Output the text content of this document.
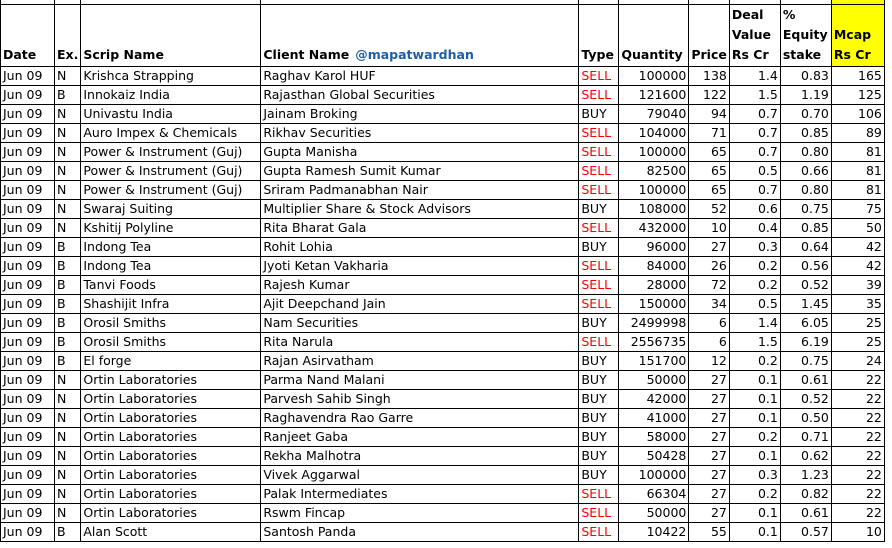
Date	Ex.	Scrip Name	Client Name @mapatwardhan	Type	Quantity	Price	Deal Value Rs Cr	% Equity stake	Mcap Rs Cr
Jun 09	N	Krishca Strapping	Raghav Karol HUF	SELL	100000	138	1.4	0.83	165
Jun 09	B	Innokaiz India	Rajasthan Global Securities	SELL	121600	122	1.5	1.19	125
Jun 09	N	Univastu India	Jainam Broking	BUY	79040	94	0.7	0.70	106
Jun 09	N	Auro Impex & Chemicals	Rikhav Securities	SELL	104000	71	0.7	0.85	89
Jun 09	N	Power & Instrument (Guj)	Gupta Manisha	SELL	100000	65	0.7	0.80	81
Jun 09	N	Power & Instrument (Guj)	Gupta Ramesh Sumit Kumar	SELL	82500	65	0.5	0.66	81
Jun 09	N	Power & Instrument (Guj)	Sriram Padmanabhan Nair	SELL	100000	65	0.7	0.80	81
Jun 09	N	Swaraj Suiting	Multiplier Share & Stock Advisors	BUY	108000	52	0.6	0.75	75
Jun 09	N	Kshitij Polyline	Rita Bharat Gala	SELL	432000	10	0.4	0.85	50
Jun 09	B	Indong Tea	Rohit Lohia	BUY	96000	27	0.3	0.64	42
Jun 09	B	Indong Tea	Jyoti Ketan Vakharia	SELL	84000	26	0.2	0.56	42
Jun 09	B	Tanvi Foods	Rajesh Kumar	SELL	28000	72	0.2	0.52	39
Jun 09	B	Shashijit Infra	Ajit Deepchand Jain	SELL	150000	34	0.5	1.45	35
Jun 09	B	Orosil Smiths	Nam Securities	BUY	2499998	6	1.4	6.05	25
Jun 09	B	Orosil Smiths	Rita Narula	SELL	2556735	6	1.5	6.19	25
Jun 09	B	El forge	Rajan Asirvatham	BUY	151700	12	0.2	0.75	24
Jun 09	N	Ortin Laboratories	Parma Nand Malani	BUY	50000	27	0.1	0.61	22
Jun 09	N	Ortin Laboratories	Parvesh Sahib Singh	BUY	42000	27	0.1	0.52	22
Jun 09	N	Ortin Laboratories	Raghavendra Rao Garre	BUY	41000	27	0.1	0.50	22
Jun 09	N	Ortin Laboratories	Ranjeet Gaba	BUY	58000	27	0.2	0.71	22
Jun 09	N	Ortin Laboratories	Rekha Malhotra	BUY	50428	27	0.1	0.62	22
Jun 09	N	Ortin Laboratories	Vivek Aggarwal	BUY	100000	27	0.3	1.23	22
Jun 09	N	Ortin Laboratories	Palak Intermediates	SELL	66304	27	0.2	0.82	22
Jun 09	N	Ortin Laboratories	Rswm Fincap	SELL	50000	27	0.1	0.61	22
Jun 09	B	Alan Scott	Santosh Panda	SELL	10422	55	0.1	0.57	10
